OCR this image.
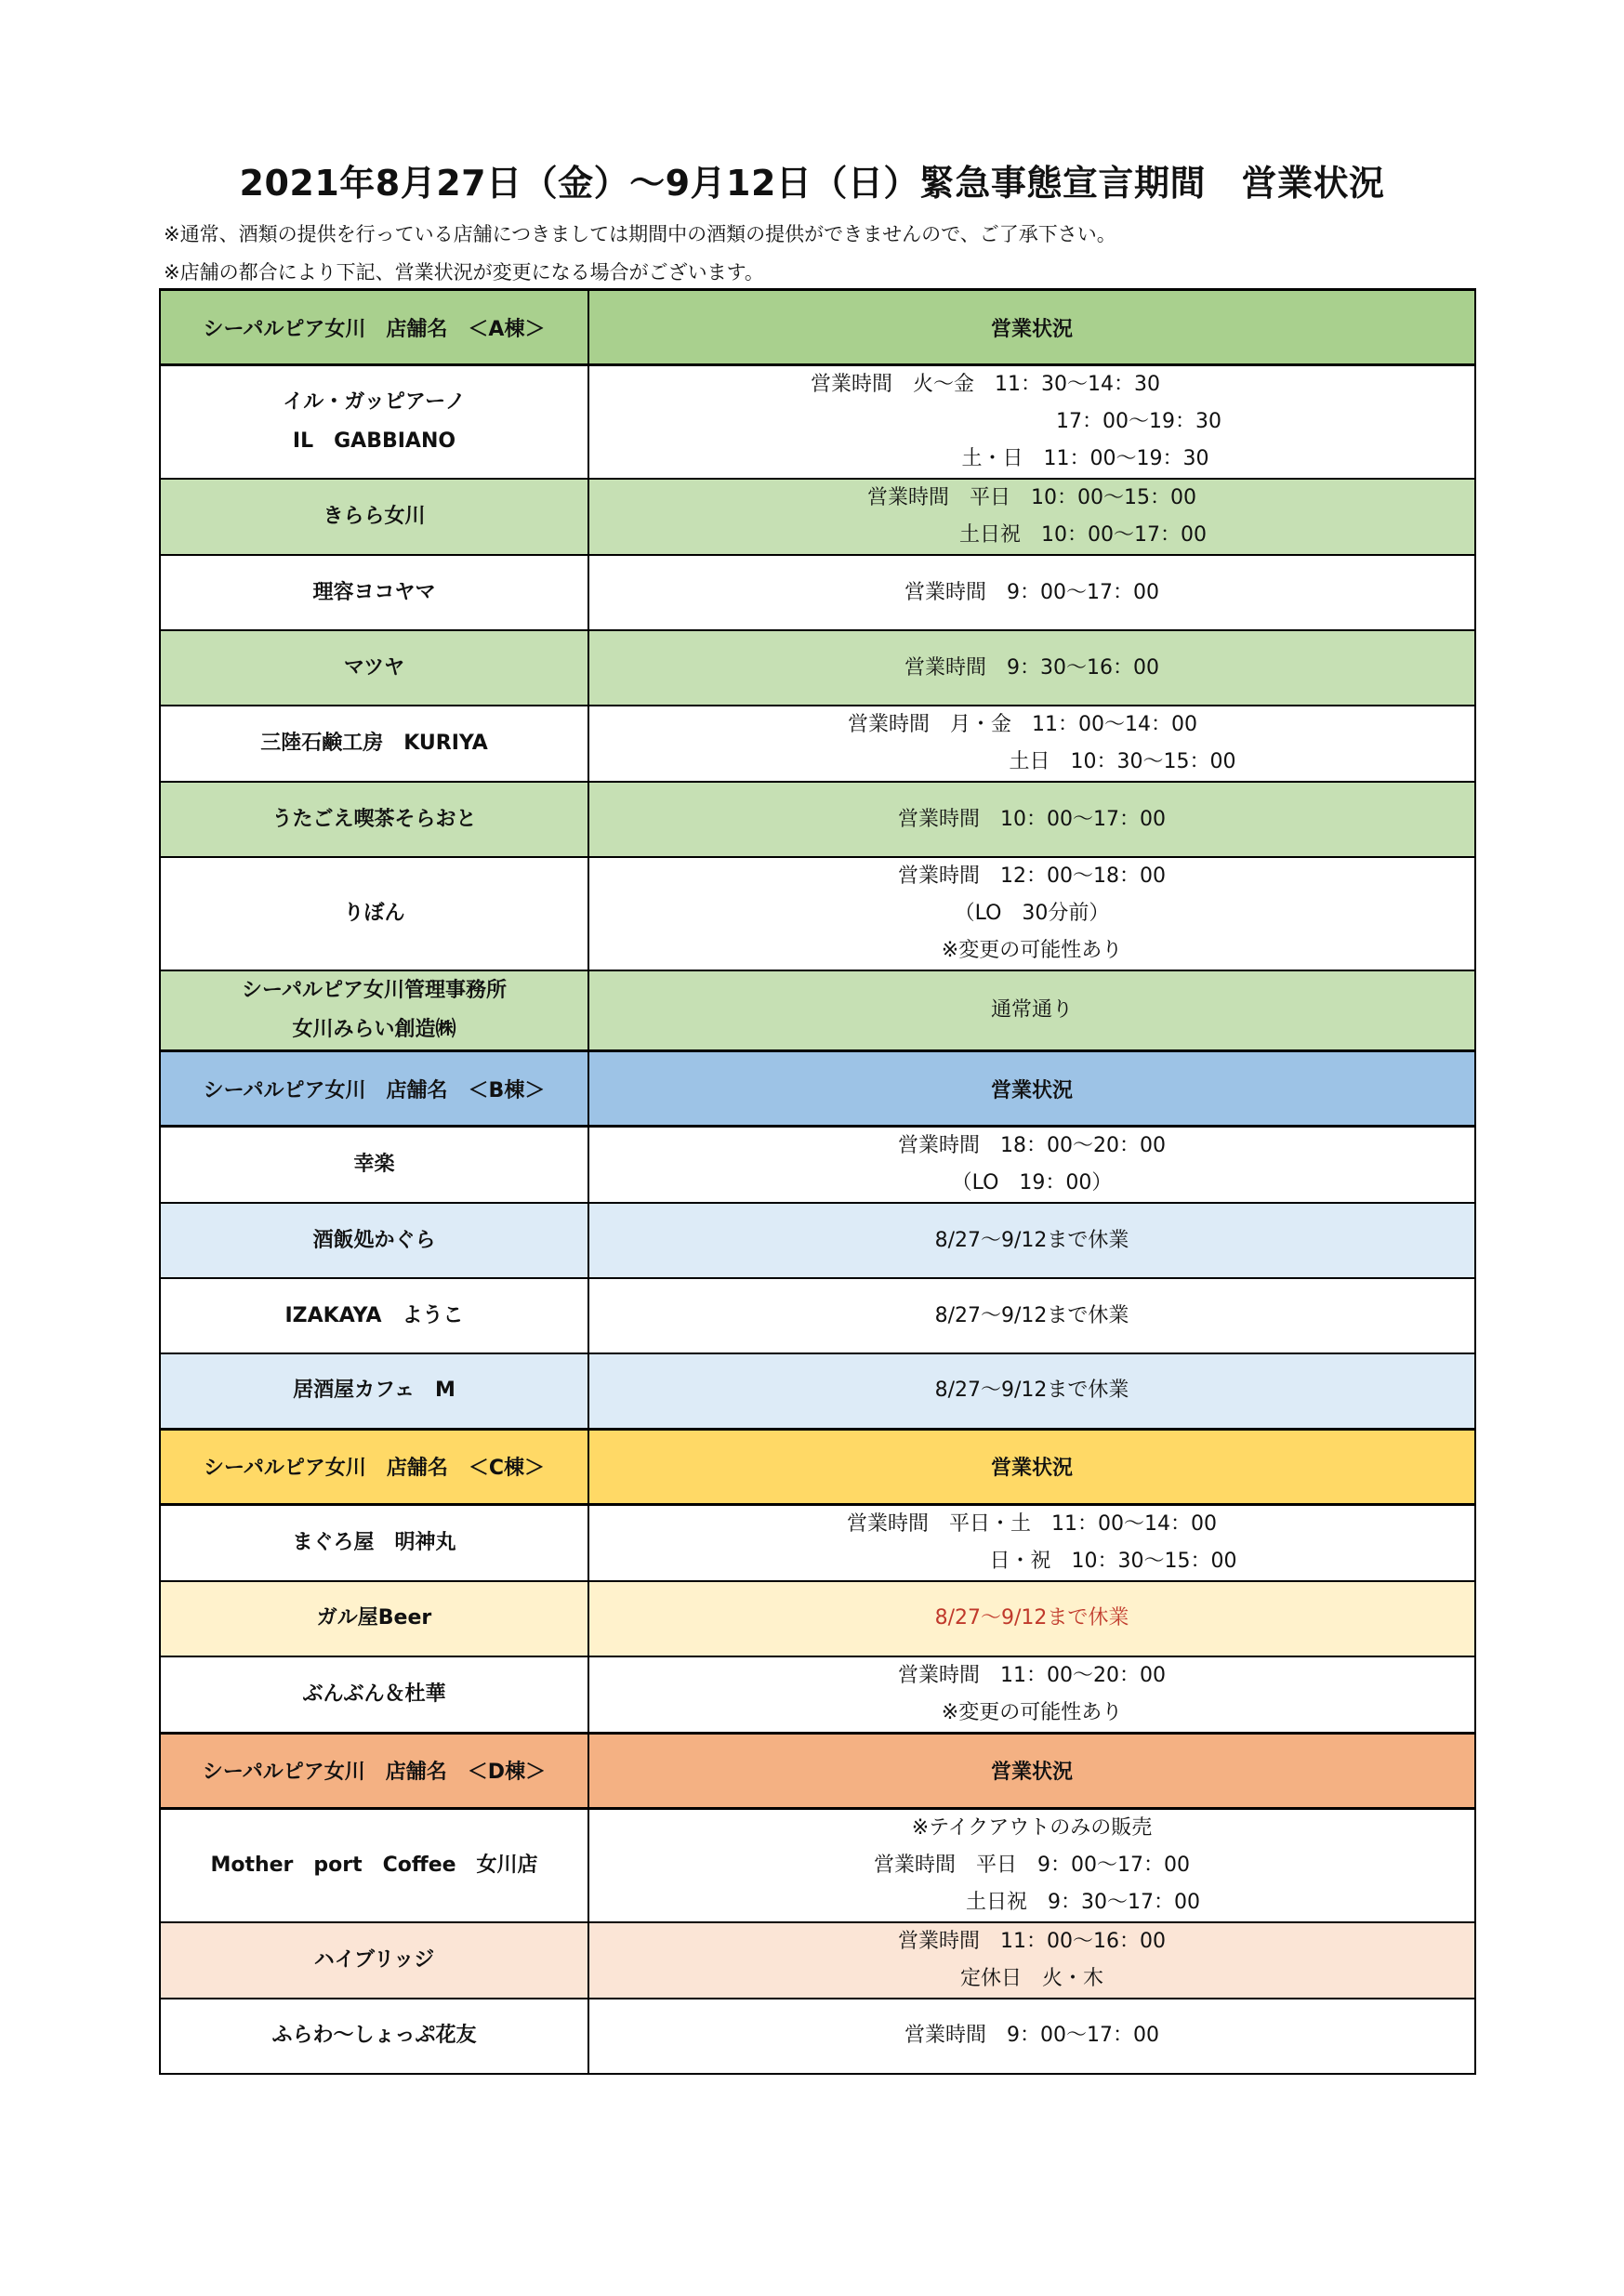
2021年8月27日（金）～9月12日（日）緊急事態宣言期間　営業状況
※通常、酒類の提供を行っている店舗につきましては期間中の酒類の提供ができませんので、ご了承下さい。
※店舗の都合により下記、営業状況が変更になる場合がございます。
シーパルピア女川　店舗名　＜A棟＞	営業状況

イル・ガッピアーノ
IL　GABBIANO	営業時間　火～金　11：30～14：30
17：00～19：30
土・日　11：00～19：30

きらら女川	営業時間　平日　10：00～15：00
土日祝　10：00～17：00

理容ヨコヤマ	営業時間　9：00～17：00

マツヤ	営業時間　9：30～16：00

三陸石鹸工房　KURIYA	営業時間　月・金　11：00～14：00
土日　10：30～15：00

うたごえ喫茶そらおと	営業時間　10：00～17：00

りぼん	営業時間　12：00～18：00
（LO　30分前）
※変更の可能性あり

シーパルピア女川管理事務所
女川みらい創造㈱	通常通り

シーパルピア女川　店舗名　＜B棟＞	営業状況

幸楽	営業時間　18：00～20：00
（LO　19：00）

酒飯処かぐら	8/27～9/12まで休業

IZAKAYA　ようこ	8/27～9/12まで休業

居酒屋カフェ　M	8/27～9/12まで休業

シーパルピア女川　店舗名　＜C棟＞	営業状況

まぐろ屋　明神丸	営業時間　平日・土　11：00～14：00
日・祝　10：30～15：00

ガル屋Beer	8/27～9/12まで休業

ぶんぶん＆杜華	営業時間　11：00～20：00
※変更の可能性あり

シーパルピア女川　店舗名　＜D棟＞	営業状況

Mother　port　Coffee　女川店	※テイクアウトのみの販売
営業時間　平日　9：00～17：00
土日祝　9：30～17：00

ハイブリッジ	営業時間　11：00～16：00
定休日　火・木

ふらわ～しょっぷ花友	営業時間　9：00～17：00
